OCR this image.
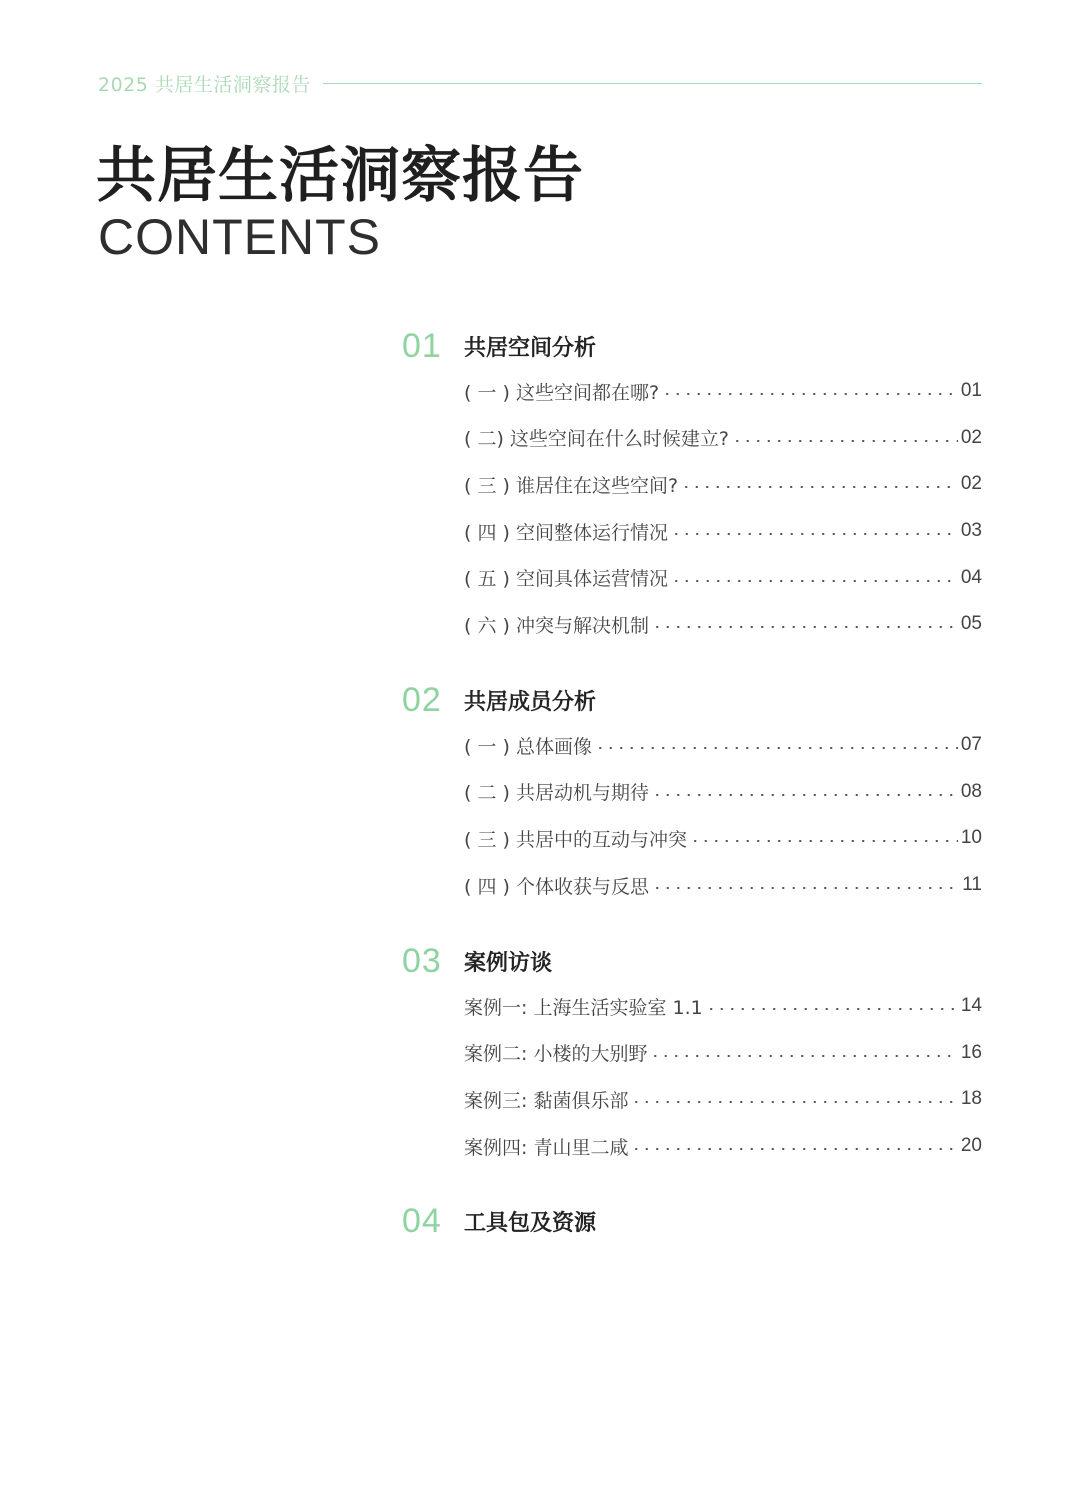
2025 共居生活洞察报告
共居生活洞察报告
CONTENTS
01	共居空间分析
( 一 ) 这些空间都在哪?	01
( 二) 这些空间在什么时候建立?	02
( 三 ) 谁居住在这些空间?	02
( 四 ) 空间整体运行情况	03
( 五 ) 空间具体运营情况	04
( 六 ) 冲突与解决机制	05
02	共居成员分析
( 一 ) 总体画像	07
( 二 ) 共居动机与期待	08
( 三 ) 共居中的互动与冲突	10
( 四 ) 个体收获与反思	11
03	案例访谈
案例一: 上海生活实验室 1.1	14
案例二: 小楼的大别野	16
案例三: 黏菌俱乐部	18
案例四: 青山里二咸	20
04	工具包及资源
